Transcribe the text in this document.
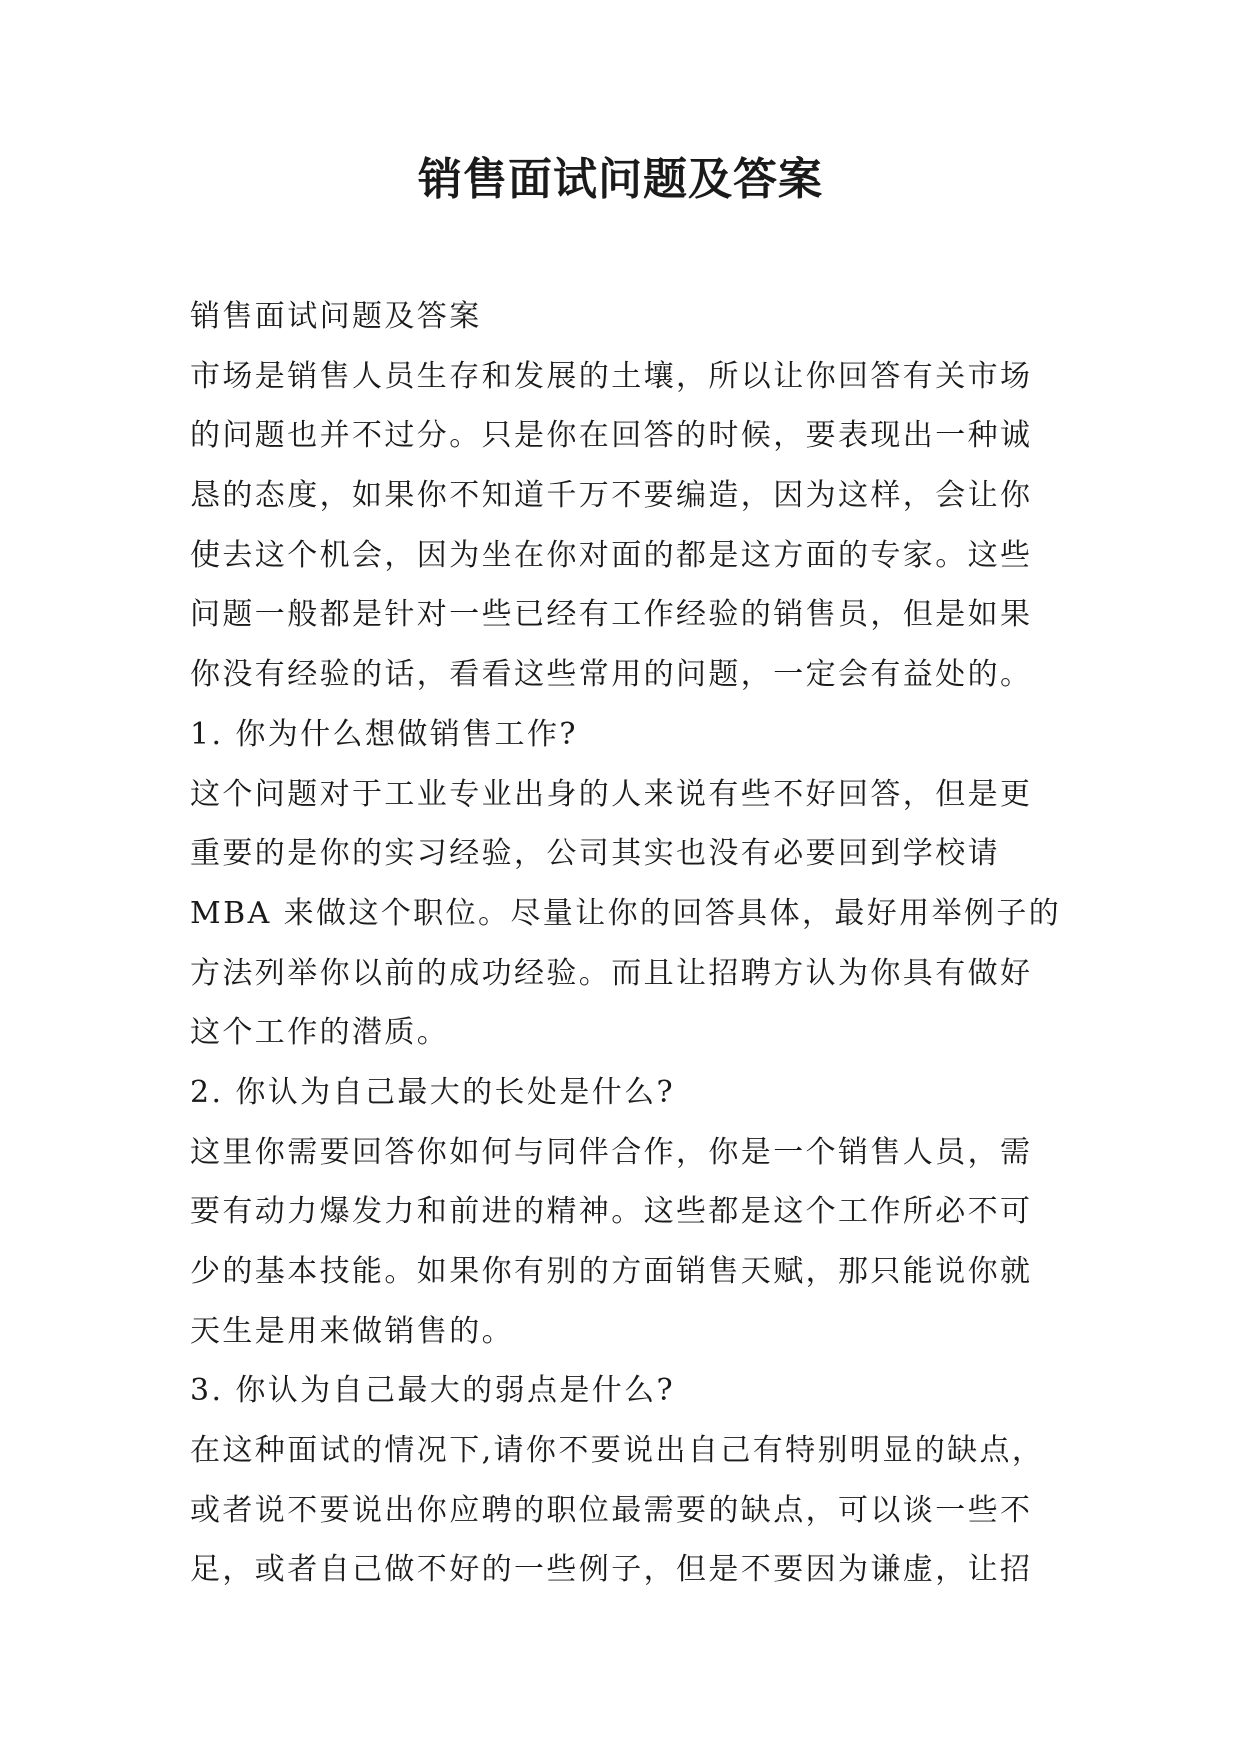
销售面试问题及答案

销售面试问题及答案

市场是销售人员生存和发展的土壤，所以让你回答有关市场

的问题也并不过分。只是你在回答的时候，要表现出一种诚

恳的态度，如果你不知道千万不要编造，因为这样，会让你

使去这个机会，因为坐在你对面的都是这方面的专家。这些

问题一般都是针对一些已经有工作经验的销售员，但是如果

你没有经验的话，看看这些常用的问题，一定会有益处的。

1. 你为什么想做销售工作?

这个问题对于工业专业出身的人来说有些不好回答，但是更

重要的是你的实习经验，公司其实也没有必要回到学校请

MBA 来做这个职位。尽量让你的回答具体，最好用举例子的

方法列举你以前的成功经验。而且让招聘方认为你具有做好

这个工作的潜质。

2. 你认为自己最大的长处是什么?

这里你需要回答你如何与同伴合作，你是一个销售人员，需

要有动力爆发力和前进的精神。这些都是这个工作所必不可

少的基本技能。如果你有别的方面销售天赋，那只能说你就

天生是用来做销售的。

3. 你认为自己最大的弱点是什么?

在这种面试的情况下,请你不要说出自己有特别明显的缺点，

或者说不要说出你应聘的职位最需要的缺点，可以谈一些不

足，或者自己做不好的一些例子，但是不要因为谦虚，让招
